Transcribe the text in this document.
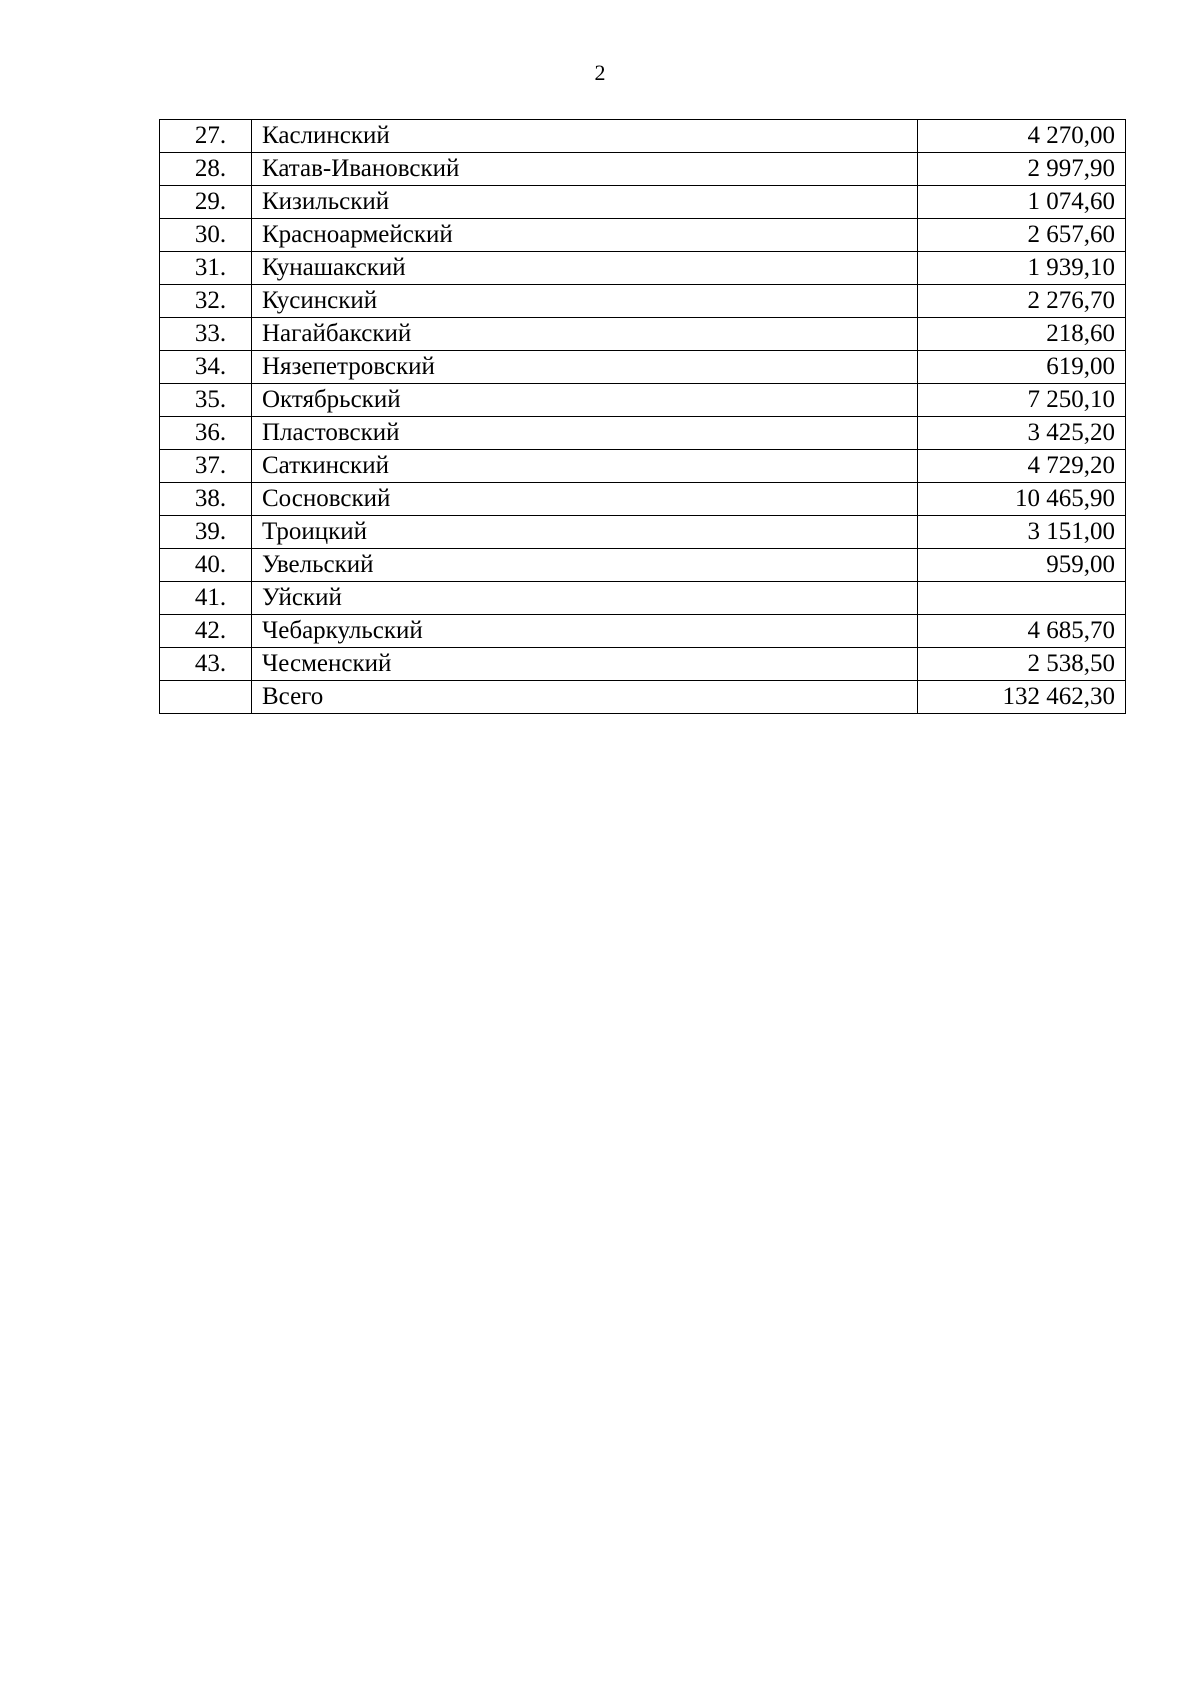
2
27.	Каслинский	4 270,00
28.	Катав-Ивановский	2 997,90
29.	Кизильский	1 074,60
30.	Красноармейский	2 657,60
31.	Кунашакский	1 939,10
32.	Кусинский	2 276,70
33.	Нагайбакский	218,60
34.	Нязепетровский	619,00
35.	Октябрьский	7 250,10
36.	Пластовский	3 425,20
37.	Саткинский	4 729,20
38.	Сосновский	10 465,90
39.	Троицкий	3 151,00
40.	Увельский	959,00
41.	Уйский	
42.	Чебаркульский	4 685,70
43.	Чесменский	2 538,50
	Всего	132 462,30
